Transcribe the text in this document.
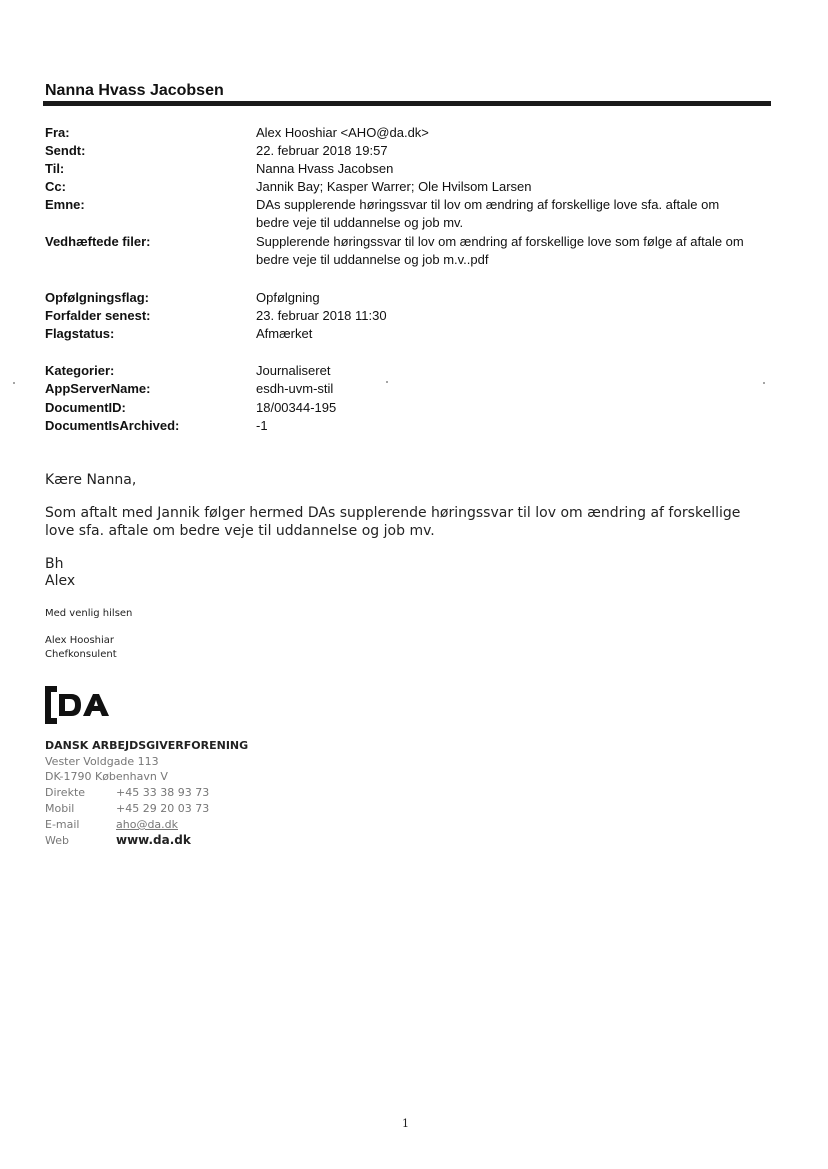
Nanna Hvass Jacobsen
Fra:	Alex Hooshiar <AHO@da.dk>
Sendt:	22. februar 2018 19:57
Til:	Nanna Hvass Jacobsen
Cc:	Jannik Bay; Kasper Warrer; Ole Hvilsom Larsen
Emne:	DAs supplerende høringssvar til lov om ændring af forskellige love sfa. aftale om bedre veje til uddannelse og job mv.
Vedhæftede filer:	Supplerende høringssvar til lov om ændring af forskellige love som følge af aftale om bedre veje til uddannelse og job m.v..pdf
Opfølgningsflag:	Opfølgning
Forfalder senest:	23. februar 2018 11:30
Flagstatus:	Afmærket
Kategorier:	Journaliseret
AppServerName:	esdh-uvm-stil
DocumentID:	18/00344-195
DocumentIsArchived:	-1
Kære Nanna,
Som aftalt med Jannik følger hermed DAs supplerende høringssvar til lov om ændring af forskellige
love sfa. aftale om bedre veje til uddannelse og job mv.
Bh
Alex
Med venlig hilsen
Alex Hooshiar
Chefkonsulent
DANSK ARBEJDSGIVERFORENING
Vester Voldgade 113
DK-1790 København V
Direkte	+45 33 38 93 73
Mobil	+45 29 20 03 73
E-mail	aho@da.dk
Web	www.da.dk
1
